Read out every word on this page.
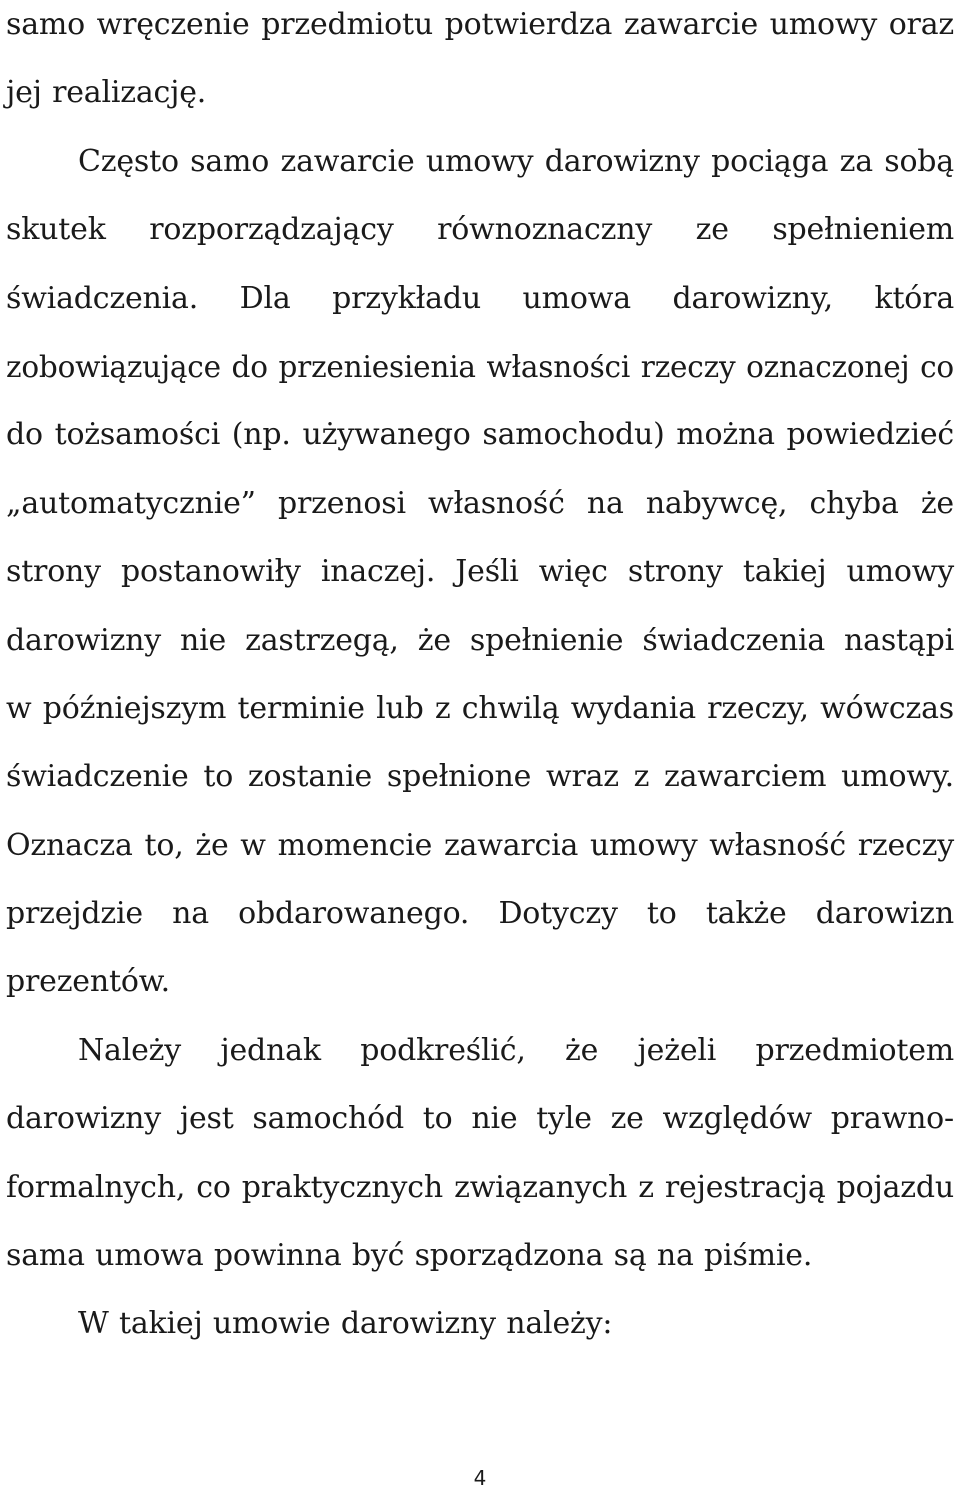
samo wręczenie przedmiotu potwierdza zawarcie umowy oraz
jej realizację.
Często samo zawarcie umowy darowizny pociąga za sobą
skutek rozporządzający równoznaczny ze spełnieniem
świadczenia. Dla przykładu umowa darowizny, która
zobowiązujące do przeniesienia własności rzeczy oznaczonej co
do tożsamości (np. używanego samochodu) można powiedzieć
„automatycznie” przenosi własność na nabywcę, chyba że
strony postanowiły inaczej. Jeśli więc strony takiej umowy
darowizny nie zastrzegą, że spełnienie świadczenia nastąpi
w późniejszym terminie lub z chwilą wydania rzeczy, wówczas
świadczenie to zostanie spełnione wraz z zawarciem umowy.
Oznacza to, że w momencie zawarcia umowy własność rzeczy
przejdzie na obdarowanego. Dotyczy to także darowizn
prezentów.
Należy jednak podkreślić, że jeżeli przedmiotem
darowizny jest samochód to nie tyle ze względów prawno-
formalnych, co praktycznych związanych z rejestracją pojazdu
sama umowa powinna być sporządzona są na piśmie.
W takiej umowie darowizny należy:
4
